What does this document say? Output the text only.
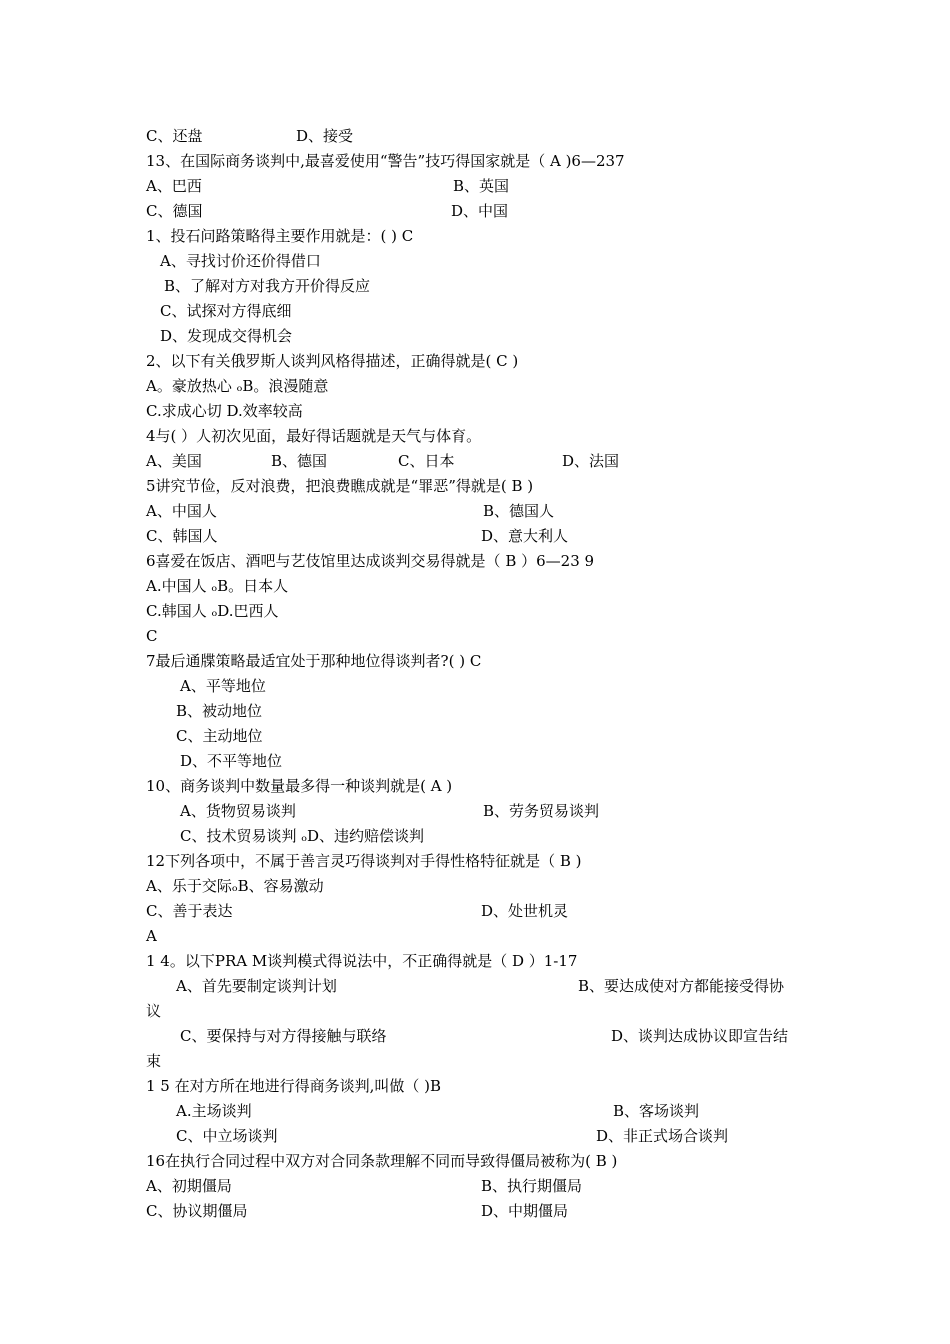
C、还盘	D、接受
13、在国际商务谈判中,最喜爱使用“警告”技巧得国家就是（ A )6—237
A、巴西	B、英国
C、德国	D、中国
1、投石问路策略得主要作用就是：( ) C
A、寻找讨价还价得借口
B、了解对方对我方开价得反应
C、试探对方得底细
D、发现成交得机会
2、以下有关俄罗斯人谈判风格得描述，正确得就是( C )
A。豪放热心 ₒB。浪漫随意
C.求成心切 D.效率较高
4与( ）人初次见面，最好得话题就是天气与体育。
A、美国	B、德国	C、日本	D、法国
5讲究节俭，反对浪费，把浪费瞧成就是“罪恶”得就是( B )
A、中国人	B、德国人
C、韩国人	D、意大利人
6喜爱在饭店、酒吧与艺伎馆里达成谈判交易得就是（ B ）6—23 9
A.中国人 ₒB。日本人
C.韩国人 ₒD.巴西人
C
7最后通牒策略最适宜处于那种地位得谈判者?( ) C
A、平等地位
B、被动地位
C、主动地位
D、不平等地位
10、商务谈判中数量最多得一种谈判就是( A )
A、货物贸易谈判	B、劳务贸易谈判
C、技术贸易谈判 ₒD、违约赔偿谈判
12下列各项中，不属于善言灵巧得谈判对手得性格特征就是（ B )
A、乐于交际ₒB、容易激动
C、善于表达	D、处世机灵
A
1 4。以下PRA M谈判模式得说法中，不正确得就是（ D ）1-17
A、首先要制定谈判计划	B、要达成使对方都能接受得协
议
C、要保持与对方得接触与联络	D、谈判达成协议即宣告结
束
1 5 在对方所在地进行得商务谈判,叫做（ )B
A.主场谈判	B、客场谈判
C、中立场谈判	D、非正式场合谈判
16在执行合同过程中双方对合同条款理解不同而导致得僵局被称为( B )
A、初期僵局	B、执行期僵局
C、协议期僵局	D、中期僵局
